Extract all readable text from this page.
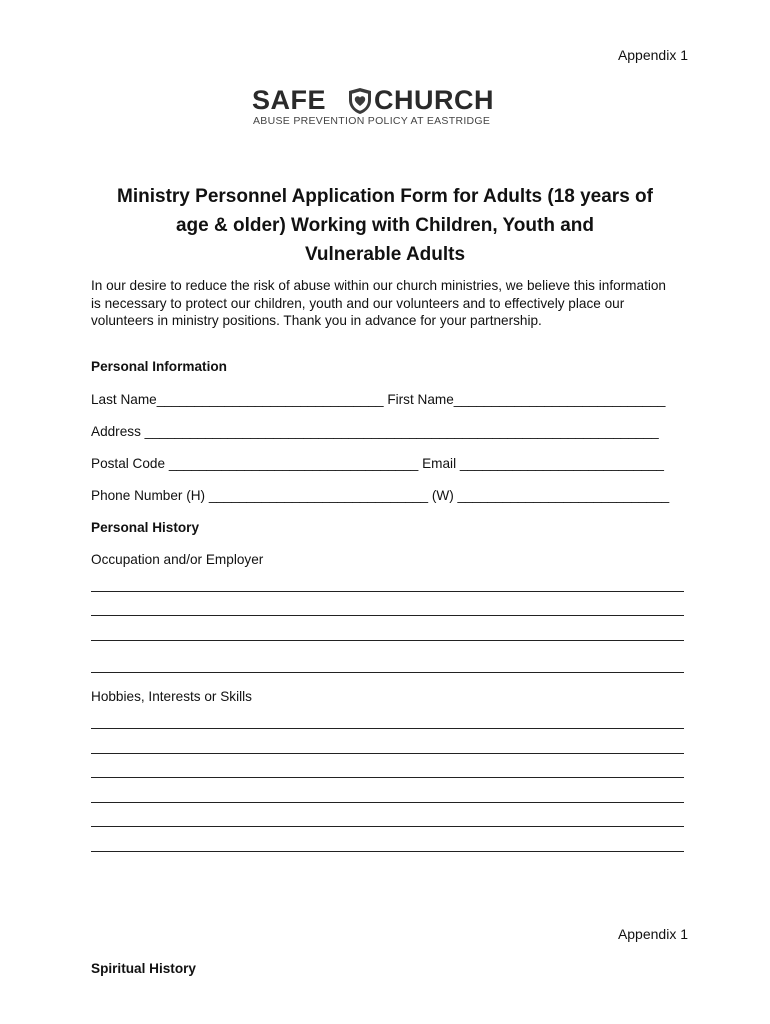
Appendix 1
SAFE CHURCH
ABUSE PREVENTION POLICY AT EASTRIDGE
Ministry Personnel Application Form for Adults (18 years of
age & older) Working with Children, Youth and
Vulnerable Adults
In our desire to reduce the risk of abuse within our church ministries, we believe this information
is necessary to protect our children, youth and our volunteers and to effectively place our
volunteers in ministry positions. Thank you in advance for your partnership.
Personal Information
Last Name______________________________ First Name____________________________
Address ____________________________________________________________________
Postal Code _________________________________ Email ___________________________
Phone Number (H) _____________________________ (W) ____________________________
Personal History
Occupation and/or Employer
Hobbies, Interests or Skills
Appendix 1
Spiritual History
